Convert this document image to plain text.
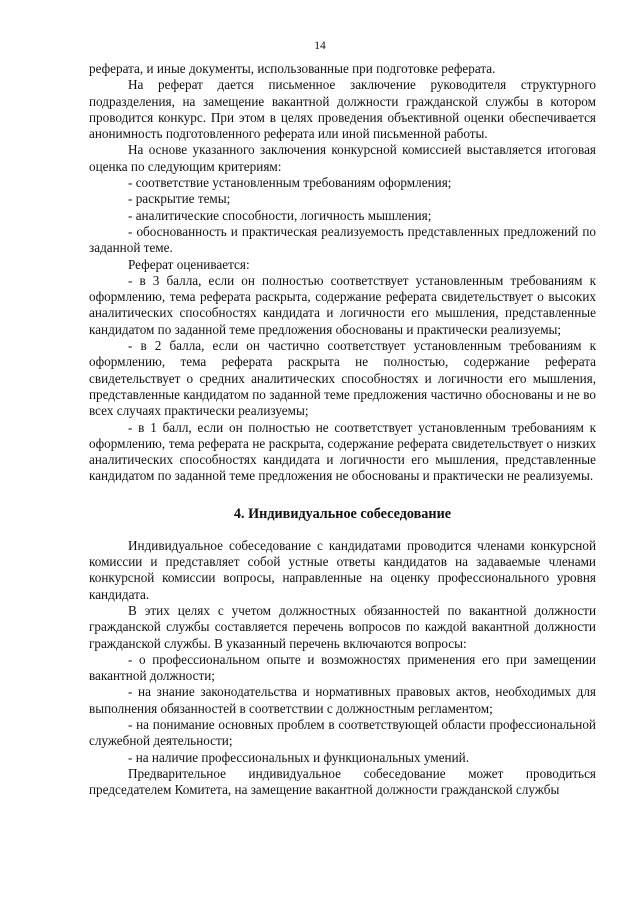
14

реферата, и иные документы, использованные при подготовке реферата.

На реферат дается письменное заключение руководителя структурного подразделения, на замещение вакантной должности гражданской службы в котором проводится конкурс. При этом в целях проведения объективной оценки обеспечивается анонимность подготовленного реферата или иной письменной работы.

На основе указанного заключения конкурсной комиссией выставляется итоговая оценка по следующим критериям:

- соответствие установленным требованиям оформления;

- раскрытие темы;

- аналитические способности, логичность мышления;

- обоснованность и практическая реализуемость представленных предложений по заданной теме.

Реферат оценивается:

- в 3 балла, если он полностью соответствует установленным требованиям к оформлению, тема реферата раскрыта, содержание реферата свидетельствует о высоких аналитических способностях кандидата и логичности его мышления, представленные кандидатом по заданной теме предложения обоснованы и практически реализуемы;

- в 2 балла, если он частично соответствует установленным требованиям к оформлению, тема реферата раскрыта не полностью, содержание реферата свидетельствует о средних аналитических способностях и логичности его мышления, представленные кандидатом по заданной теме предложения частично обоснованы и не во всех случаях практически реализуемы;

- в 1 балл, если он полностью не соответствует установленным требованиям к оформлению, тема реферата не раскрыта, содержание реферата свидетельствует о низких аналитических способностях кандидата и логичности его мышления, представленные кандидатом по заданной теме предложения не обоснованы и практически не реализуемы.

4. Индивидуальное собеседование

Индивидуальное собеседование с кандидатами проводится членами конкурсной комиссии и представляет собой устные ответы кандидатов на задаваемые членами конкурсной комиссии вопросы, направленные на оценку профессионального уровня кандидата.

В этих целях с учетом должностных обязанностей по вакантной должности гражданской службы составляется перечень вопросов по каждой вакантной должности гражданской службы. В указанный перечень включаются вопросы:

- о профессиональном опыте и возможностях применения его при замещении вакантной должности;

- на знание законодательства и нормативных правовых актов, необходимых для выполнения обязанностей в соответствии с должностным регламентом;

- на понимание основных проблем в соответствующей области профессиональной служебной деятельности;

- на наличие профессиональных и функциональных умений.

Предварительное индивидуальное собеседование может проводиться председателем Комитета, на замещение вакантной должности гражданской службы
